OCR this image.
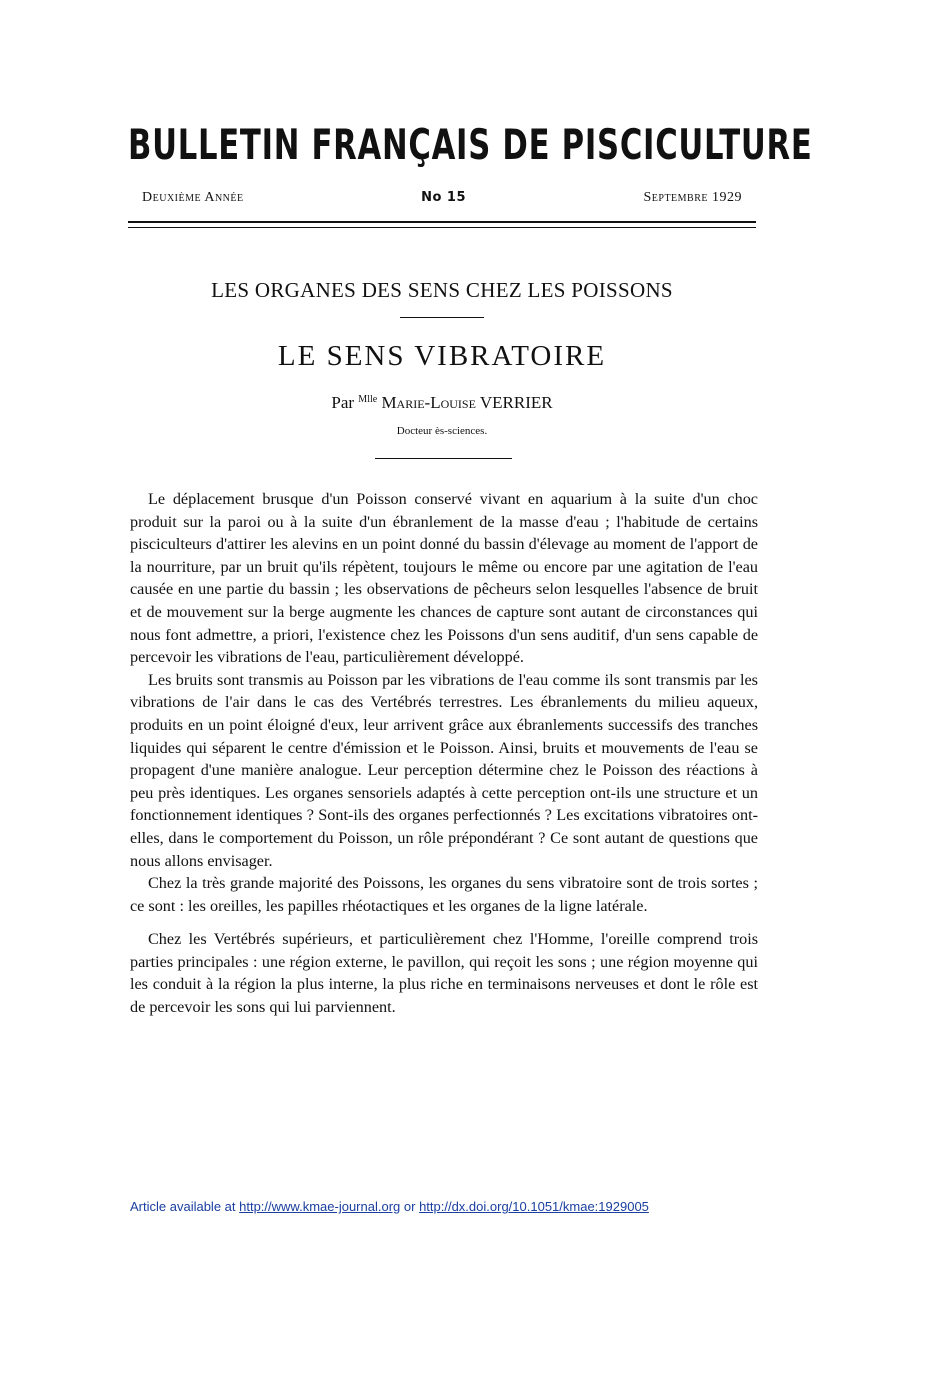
BULLETIN FRANÇAIS DE PISCICULTURE
Deuxième Année	No 15	Septembre 1929
LES ORGANES DES SENS CHEZ LES POISSONS
LE SENS VIBRATOIRE
Par $^{Mlle}$ Marie-Louise VERRIER
Docteur ès-sciences.

Le déplacement brusque d'un Poisson conservé vivant en aquarium à la suite d'un choc produit sur la paroi ou à la suite d'un ébranlement de la masse d'eau ; l'habitude de certains pisciculteurs d'attirer les alevins en un point donné du bassin d'élevage au moment de l'apport de la nourriture, par un bruit qu'ils répètent, toujours le même ou encore par une agitation de l'eau causée en une partie du bassin ; les observations de pêcheurs selon lesquelles l'absence de bruit et de mouvement sur la berge augmente les chances de capture sont autant de circonstances qui nous font admettre, a priori, l'existence chez les Poissons d'un sens auditif, d'un sens capable de percevoir les vibrations de l'eau, particulièrement développé.

Les bruits sont transmis au Poisson par les vibrations de l'eau comme ils sont transmis par les vibrations de l'air dans le cas des Vertébrés terrestres. Les ébranlements du milieu aqueux, produits en un point éloigné d'eux, leur arrivent grâce aux ébranlements successifs des tranches liquides qui séparent le centre d'émission et le Poisson. Ainsi, bruits et mouvements de l'eau se propagent d'une manière analogue. Leur perception détermine chez le Poisson des réactions à peu près identiques. Les organes sensoriels adaptés à cette perception ont-ils une structure et un fonctionnement identiques ? Sont-ils des organes perfectionnés ? Les excitations vibratoires ont-elles, dans le comportement du Poisson, un rôle prépondérant ? Ce sont autant de questions que nous allons envisager.

Chez la très grande majorité des Poissons, les organes du sens vibratoire sont de trois sortes ; ce sont : les oreilles, les papilles rhéotactiques et les organes de la ligne latérale.

Chez les Vertébrés supérieurs, et particulièrement chez l'Homme, l'oreille comprend trois parties principales : une région externe, le pavillon, qui reçoit les sons ; une région moyenne qui les conduit à la région la plus interne, la plus riche en terminaisons nerveuses et dont le rôle est de percevoir les sons qui lui parviennent.

Article available at http://www.kmae-journal.org or http://dx.doi.org/10.1051/kmae:1929005
